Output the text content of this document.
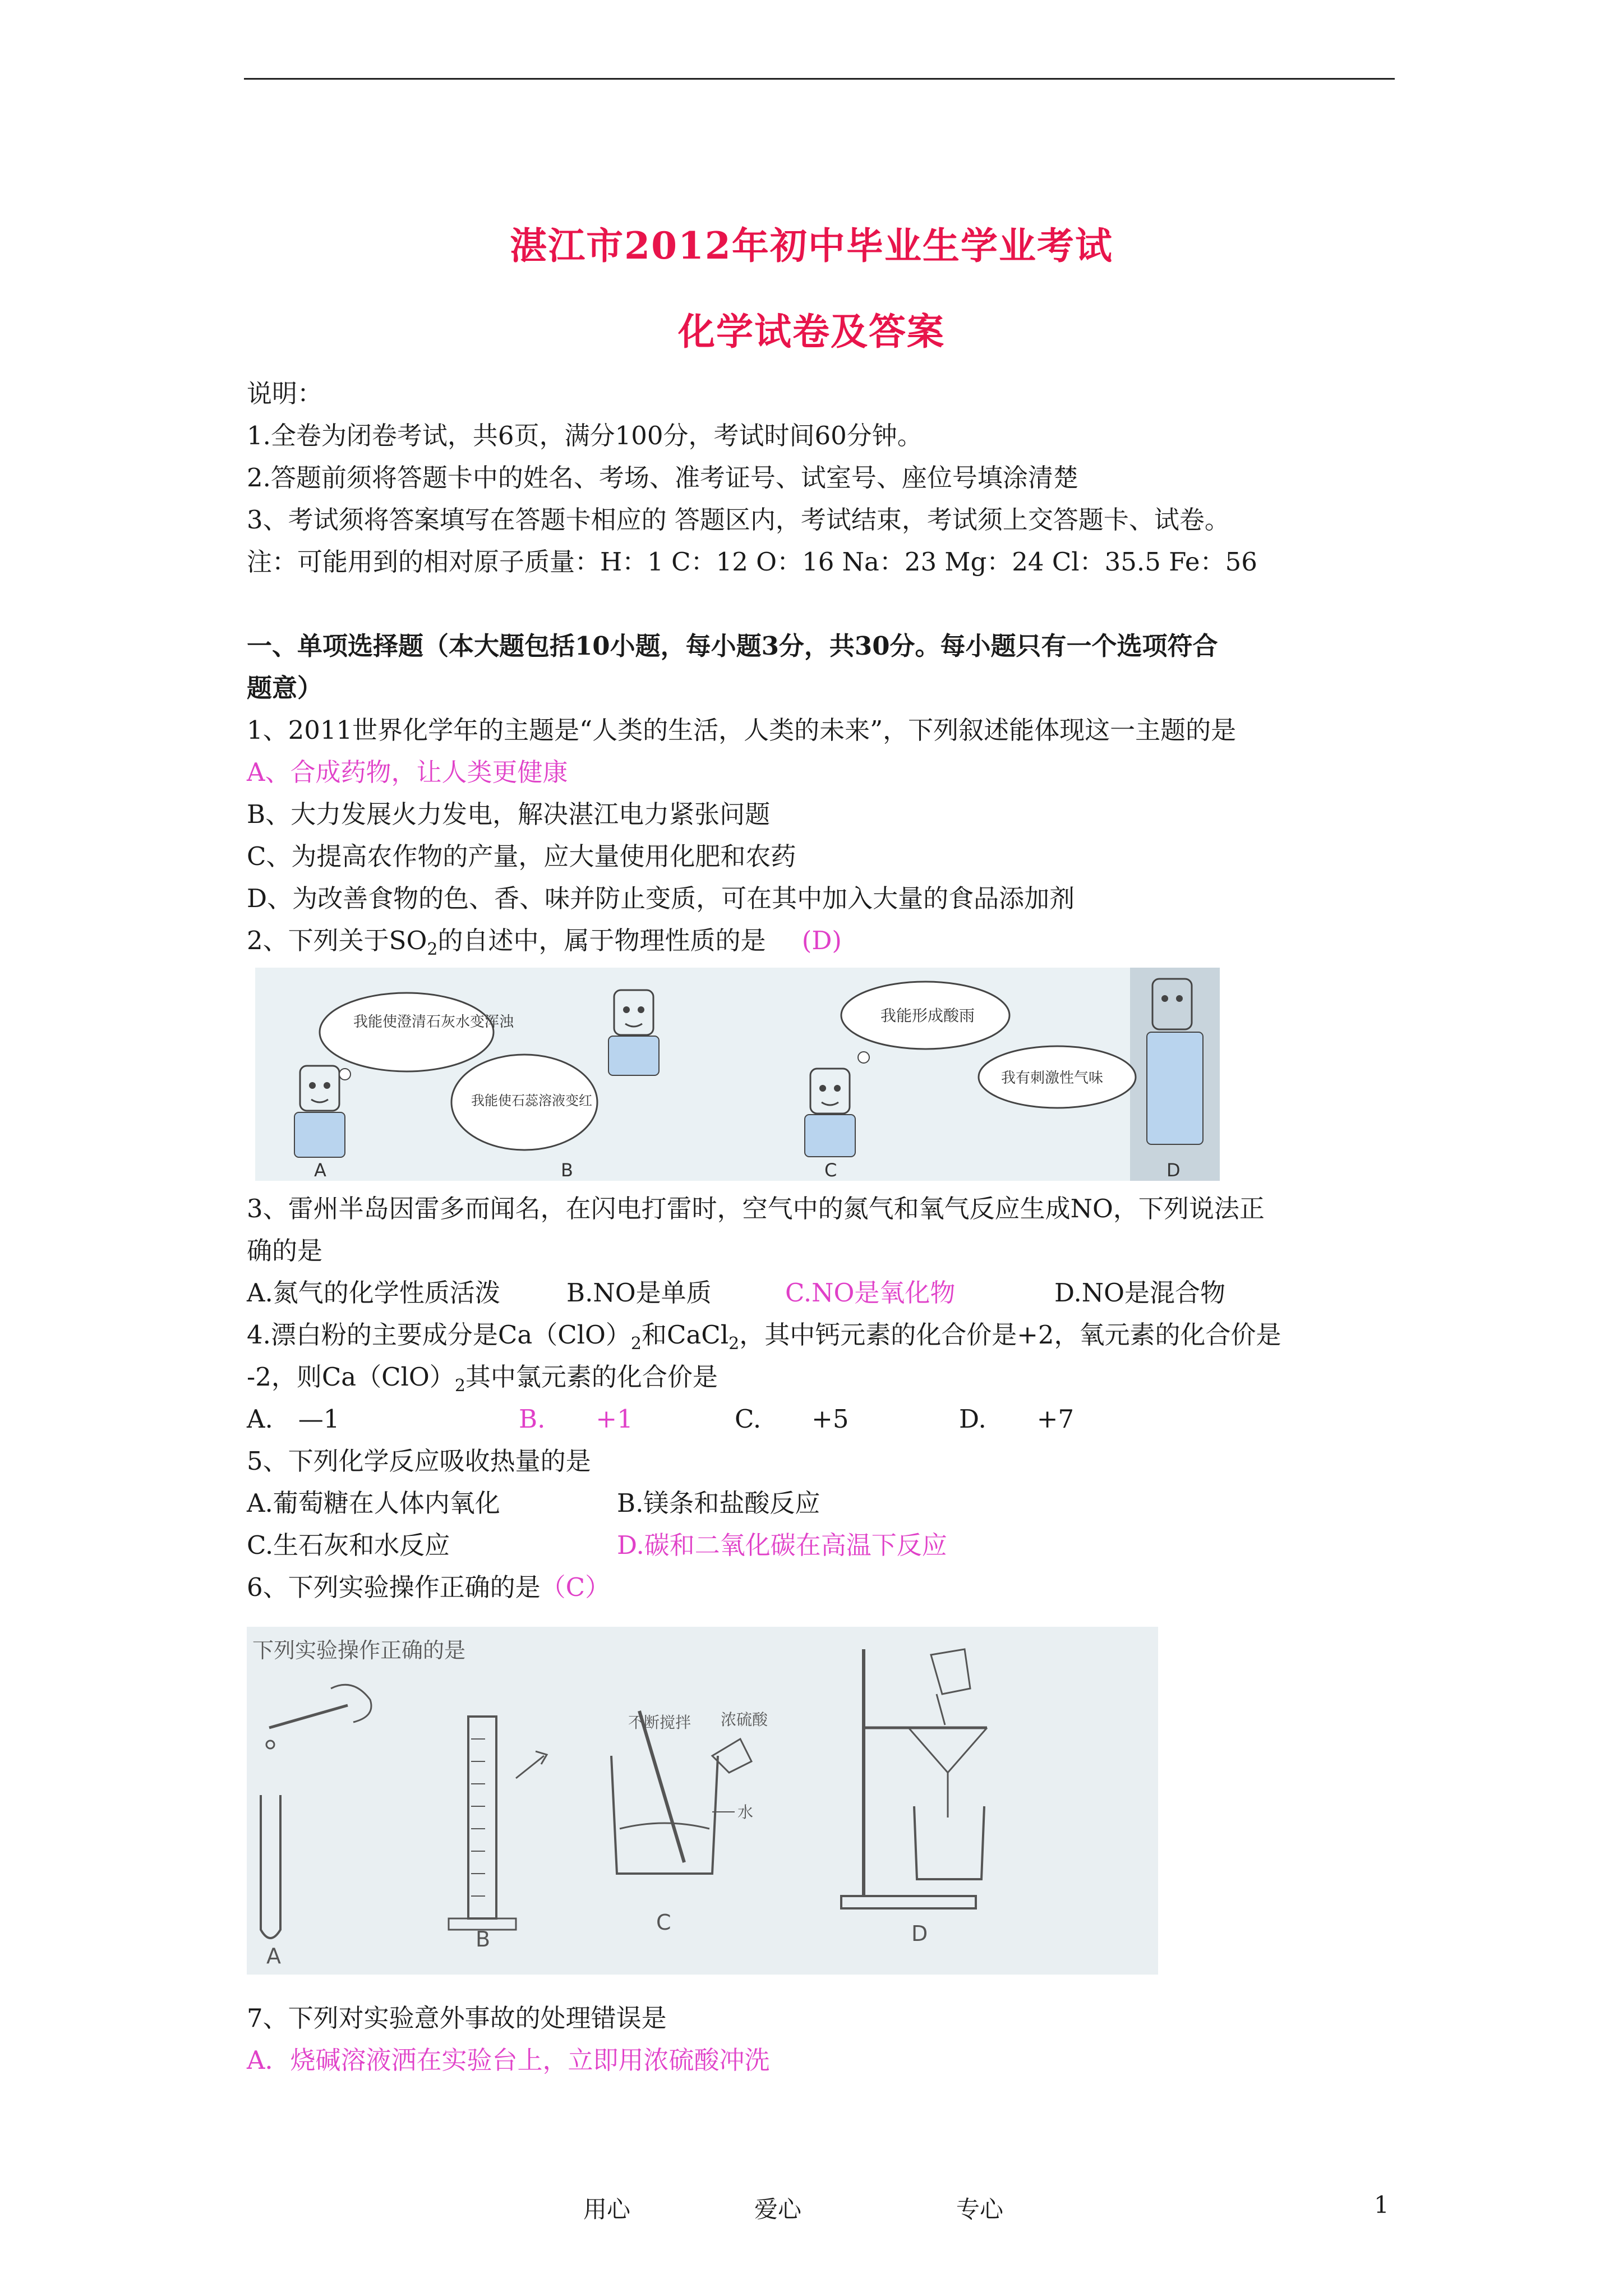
湛江市2012年初中毕业生学业考试
化学试卷及答案
说明：
1.全卷为闭卷考试，共6页，满分100分，考试时间60分钟。
2.答题前须将答题卡中的姓名、考场、准考证号、试室号、座位号填涂清楚
3、考试须将答案填写在答题卡相应的 答题区内，考试结束，考试须上交答题卡、试卷。
注：可能用到的相对原子质量：H：1 C：12 O：16 Na：23 Mg：24 Cl：35.5 Fe：56
一、单项选择题（本大题包括10小题，每小题3分，共30分。每小题只有一个选项符合
题意）
1、2011世界化学年的主题是“人类的生活，人类的未来”，下列叙述能体现这一主题的是
A、合成药物，让人类更健康
B、大力发展火力发电，解决湛江电力紧张问题
C、为提高农作物的产量，应大量使用化肥和农药
D、为改善食物的色、香、味并防止变质，可在其中加入大量的食品添加剂
2、下列关于$SO_2$的自述中，属于物理性质的是 (D)
我能使澄清石灰水变浑浊
A
我能使石蕊溶液变红
B
我能形成酸雨
C
我有刺激性气味
D
3、雷州半岛因雷多而闻名，在闪电打雷时，空气中的氮气和氧气反应生成NO，下列说法正
确的是
A.氮气的化学性质活泼	B.NO是单质	C.NO是氧化物	D.NO是混合物
4.漂白粉的主要成分是$Ca(ClO)_2$和CaCl$_2$，其中钙元素的化合价是+2，氧元素的化合价是
-2，则$Ca(ClO)_2$其中氯元素的化合价是
A.　—1	B.　　+1	C.　　+5	D.　　+7
5、下列化学反应吸收热量的是
A.葡萄糖在人体内氧化	B.镁条和盐酸反应
C.生石灰和水反应	D.碳和二氧化碳在高温下反应
6、下列实验操作正确的是（C）
下列实验操作正确的是
A
B
不断搅拌 浓硫酸
水
C	D
7、下列对实验意外事故的处理错误是
A．烧碱溶液洒在实验台上，立即用浓硫酸冲洗
用心	爱心	专心	1
